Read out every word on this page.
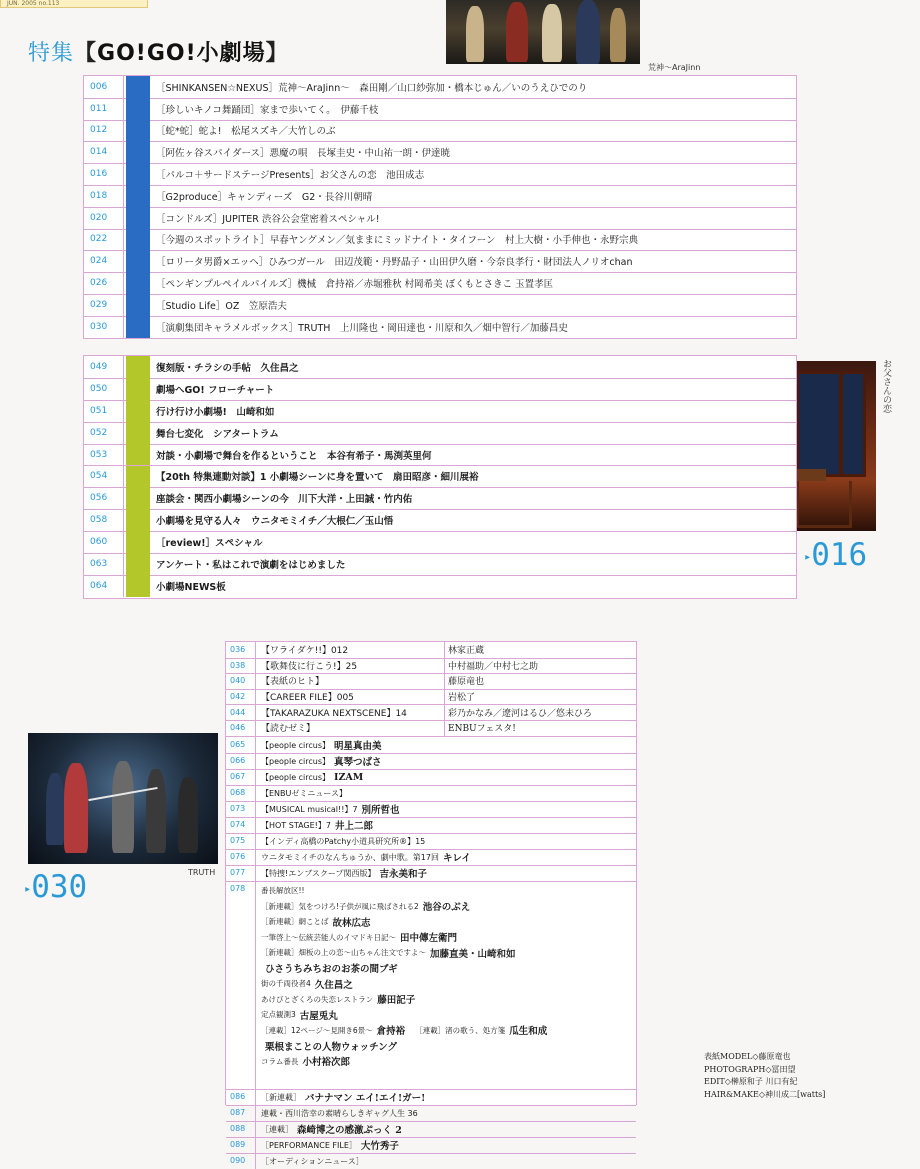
JUN. 2005 no.113
特集【GO!GO!小劇場】
荒神〜AraJinn
お父さんの恋
TRUTH
▸016
▸030
006	［SHINKANSEN☆NEXUS］荒神〜AraJinn〜　森田剛／山口紗弥加・橋本じゅん／いのうえひでのり
011	［珍しいキノコ舞踊団］家まで歩いてく。　伊藤千枝
012	［蛇*蛇］蛇よ!　松尾スズキ／大竹しのぶ
014	［阿佐ヶ谷スパイダース］悪魔の唄　長塚圭史・中山祐一朗・伊達暁
016	［パルコ＋サードステージPresents］お父さんの恋　池田成志
018	［G2produce］キャンディーズ　G2・長谷川朝晴
020	［コンドルズ］JUPITER 渋谷公会堂密着スペシャル!
022	［今週のスポットライト］早春ヤングメン／気ままにミッドナイト・タイフーン　村上大樹・小手伸也・永野宗典
024	［ロリータ男爵×エッヘ］ひみつガール　田辺茂範・丹野晶子・山田伊久磨・今奈良孝行・財団法人ノリオchan
026	［ペンギンプルペイルパイルズ］機械　倉持裕／赤堀雅秋 村岡希美 ぼくもとさきこ 玉置孝匡
029	［Studio Life］OZ　笠原浩夫
030	［演劇集団キャラメルボックス］TRUTH　上川隆也・岡田達也・川原和久／畑中智行／加藤昌史
049	復刻版・チラシの手帖　久住昌之
050	劇場へGO! フローチャート
051	行け行け小劇場!　山崎和如
052	舞台七変化　シアタートラム
053	対談・小劇場で舞台を作るということ　本谷有希子・馬渕英里何
054	【20th 特集連動対談】1 小劇場シーンに身を置いて　扇田昭彦・細川展裕
056	座談会・関西小劇場シーンの今　川下大洋・上田誠・竹内佑
058	小劇場を見守る人々　ウニタモミイチ／大根仁／玉山悟
060	［review!］スペシャル
063	アンケート・私はこれで演劇をはじめました
064	小劇場NEWS板
036	【ワライダケ!!】012	林家正蔵
038	【歌舞伎に行こう!】25	中村福助／中村七之助
040	【表紙のヒト】	藤原竜也
042	【CAREER FILE】005	岩松了
044	【TAKARAZUKA NEXTSCENE】14	彩乃かなみ／遼河はるひ／悠未ひろ
046	【読むゼミ】	ENBUフェスタ!
065	【people circus】 明星真由美
066	【people circus】 真琴つばさ
067	【people circus】 IZAM
068	【ENBUゼミニュース】
073	【MUSICAL musical!!】7 別所哲也
074	【HOT STAGE!】7 井上二郎
075	【インディ高橋のPatchy小道具研究所®】15
076	ウニタモミイチのなんちゅうか、劇中歌。第17回 キレイ
077	【特捜!エンブスクープ関西版】 吉永美和子
078	番長解放区!!
［新連載］気をつけろ!子供が風に飛ばされる2 池谷のぶえ
［新連載］網ことば 故林広志
一筆啓上〜伝統芸能人のイマドキ日記〜 田中傳左衛門
［新連載］畑板の上の恋〜山ちゃん注文ですよ〜 加藤直美・山崎和如
ひさうちみちおのお茶の間ブギ
街の千両役者4 久住昌之
あけびとざくろの失恋レストラン 藤田記子
定点観測3 古屋兎丸
［連載］12ページ〜見開き6景〜 倉持裕 ［連載］渚の歌う、処方箋 瓜生和成
栗根まことの人物ウォッチング
コラム番長 小村裕次郎
086	［新連載］ バナナマン エイ!エイ!ガー!
087	連載・西川浩幸の素晴らしきギャグ人生 36
088	［連載］ 森崎博之の感激ぷっく 2
089	［PERFORMANCE FILE］ 大竹秀子
090	［オーディションニュース］
表紙MODEL◇藤原竜也
PHOTOGRAPH◇冨田望
EDIT◇榊原和子 川口有紀
HAIR&MAKE◇神川成二[watts]
